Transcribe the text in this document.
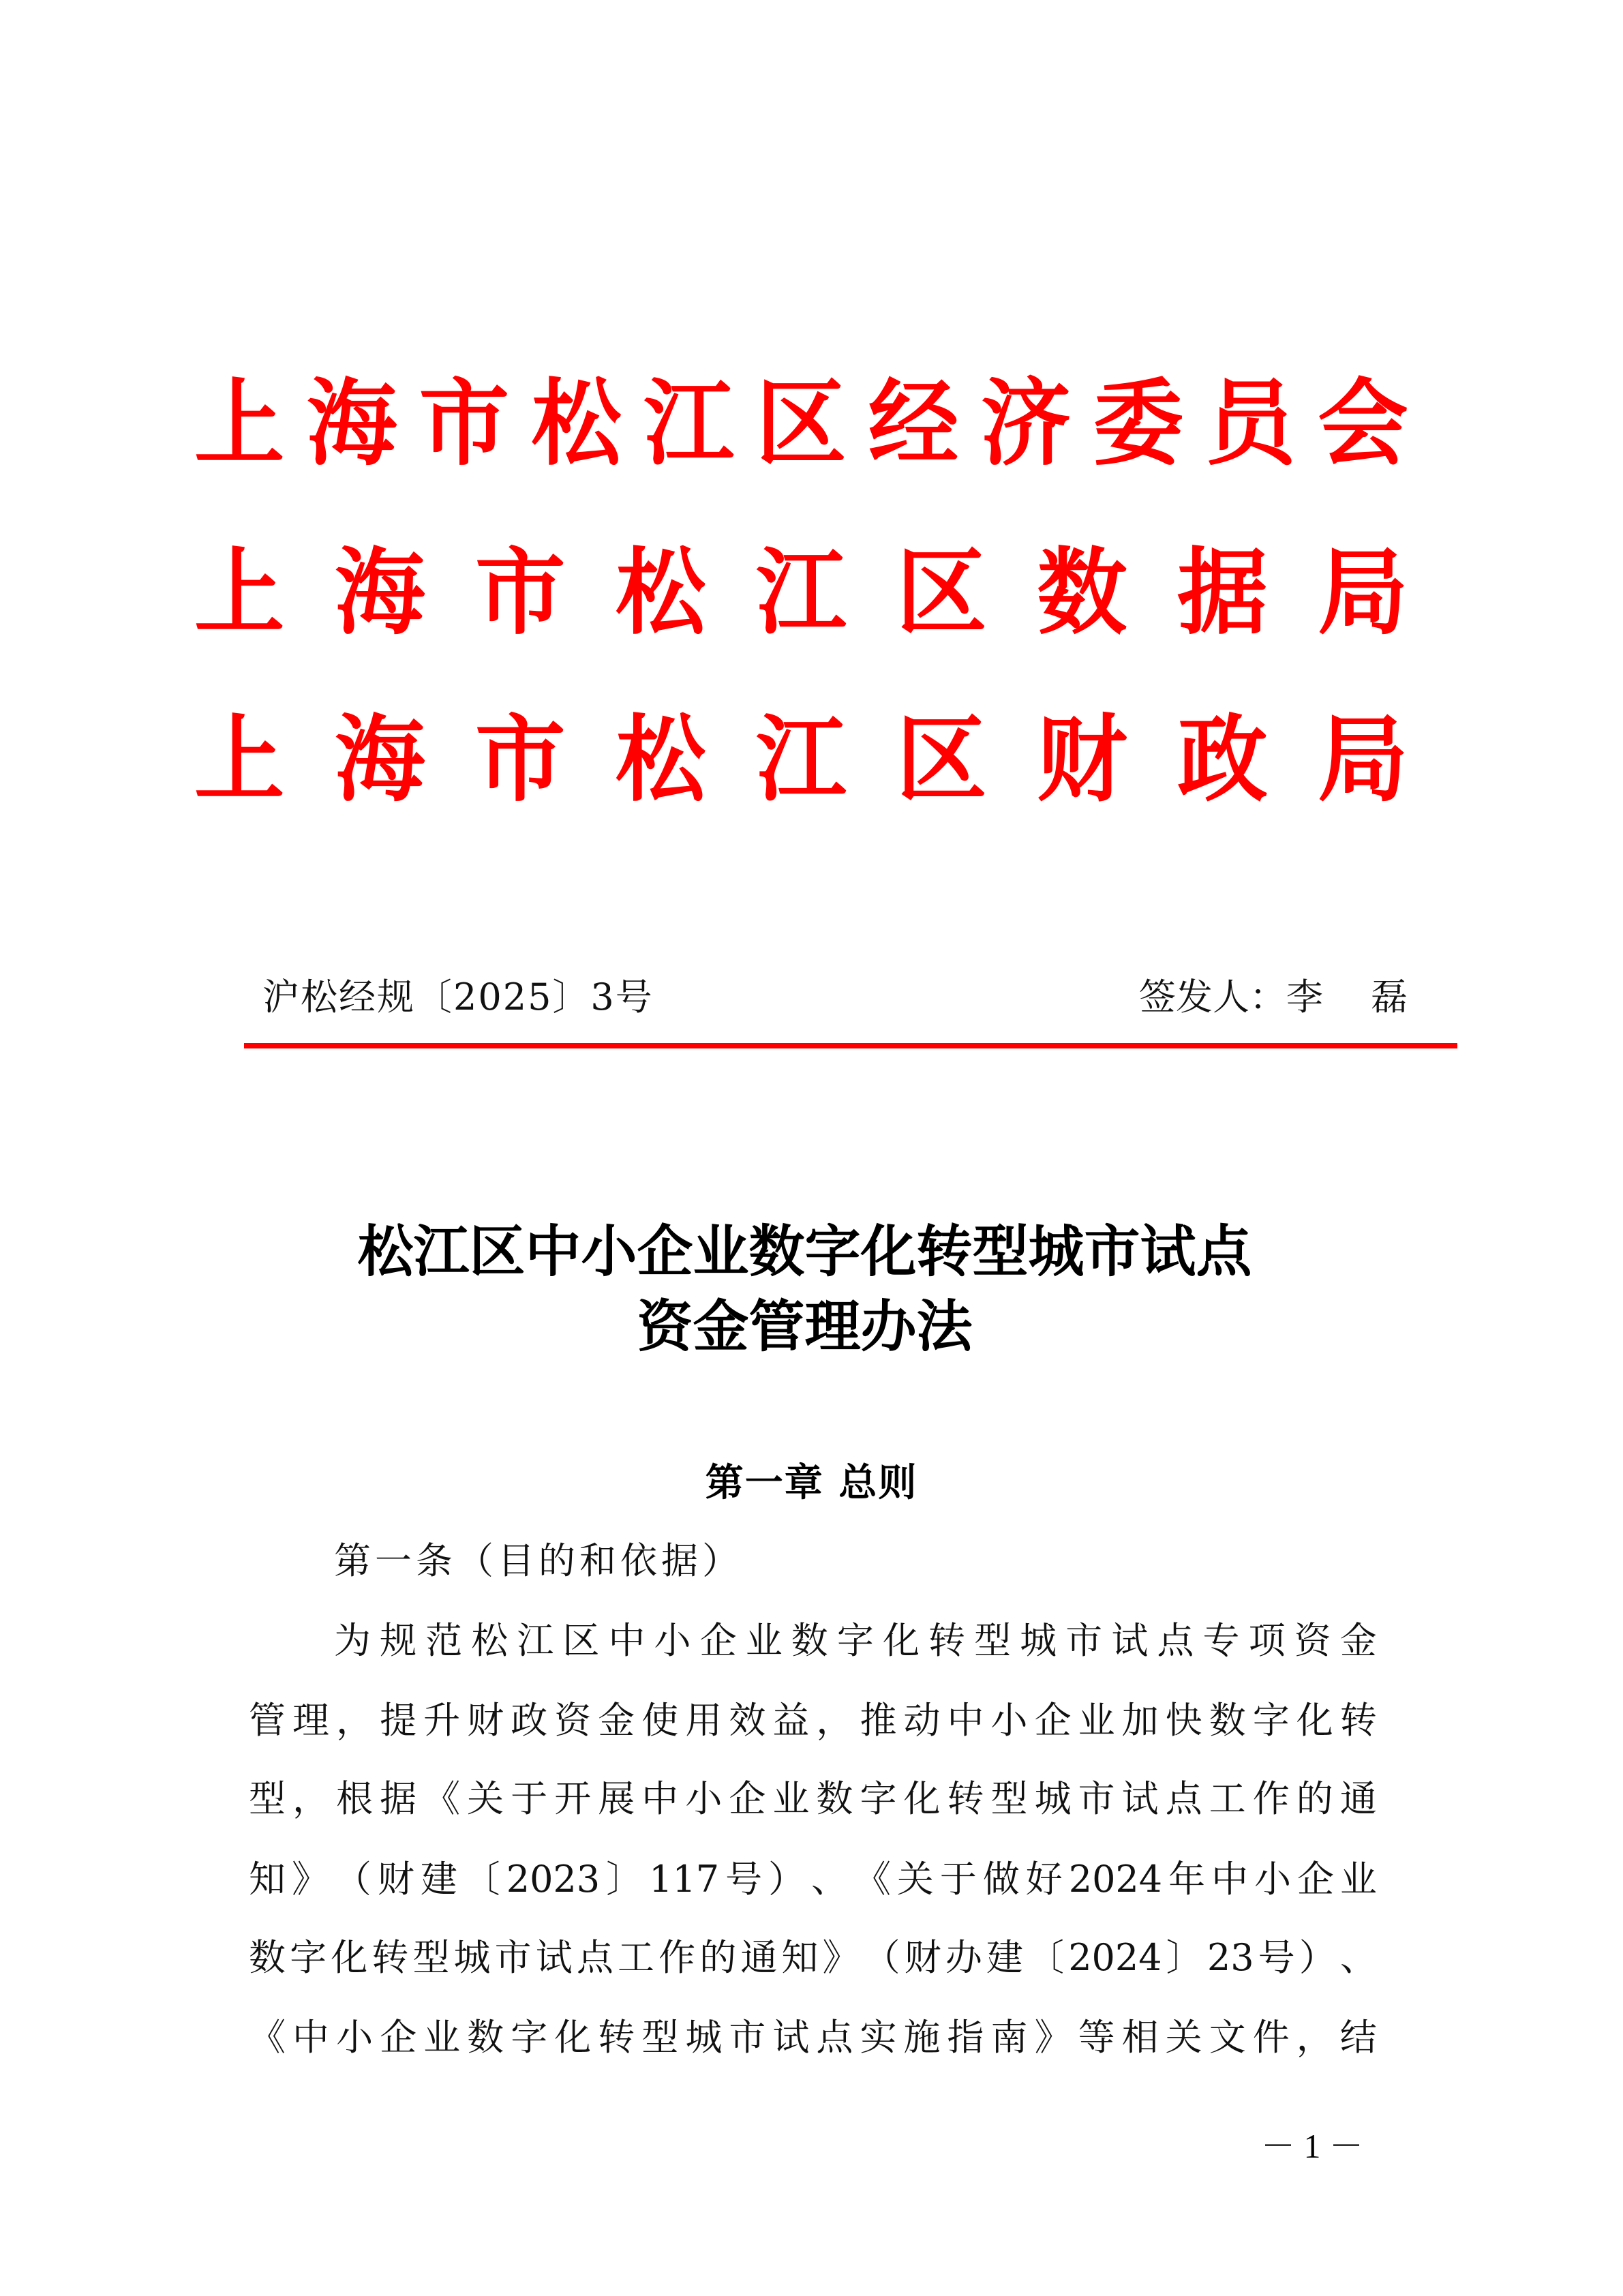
上 海 市 松 江 区 经 济 委 员 会
上 海 市 松 江 区 数 据 局
上 海 市 松 江 区 财 政 局
沪松经规〔2025〕3号	签发人：李 磊
松江区中小企业数字化转型城市试点
资金管理办法
第一章 总则
第一条（目的和依据）
为 规 范 松 江 区 中 小 企 业 数 字 化 转 型 城 市 试 点 专 项 资 金
管 理 ， 提 升 财 政 资 金 使 用 效 益 ， 推 动 中 小 企 业 加 快 数 字 化 转
型 ， 根 据 《 关 于 开 展 中 小 企 业 数 字 化 转 型 城 市 试 点 工 作 的 通
知 》 （ 财 建 〔 2023 〕 117 号 ） 、 《 关 于 做 好 2024 年 中 小 企 业
数 字 化 转 型 城 市 试 点 工 作 的 通 知 》 （ 财 办 建 〔 2024 〕 23 号 ） 、
《 中 小 企 业 数 字 化 转 型 城 市 试 点 实 施 指 南 》 等 相 关 文 件 ， 结
－ 1 －
